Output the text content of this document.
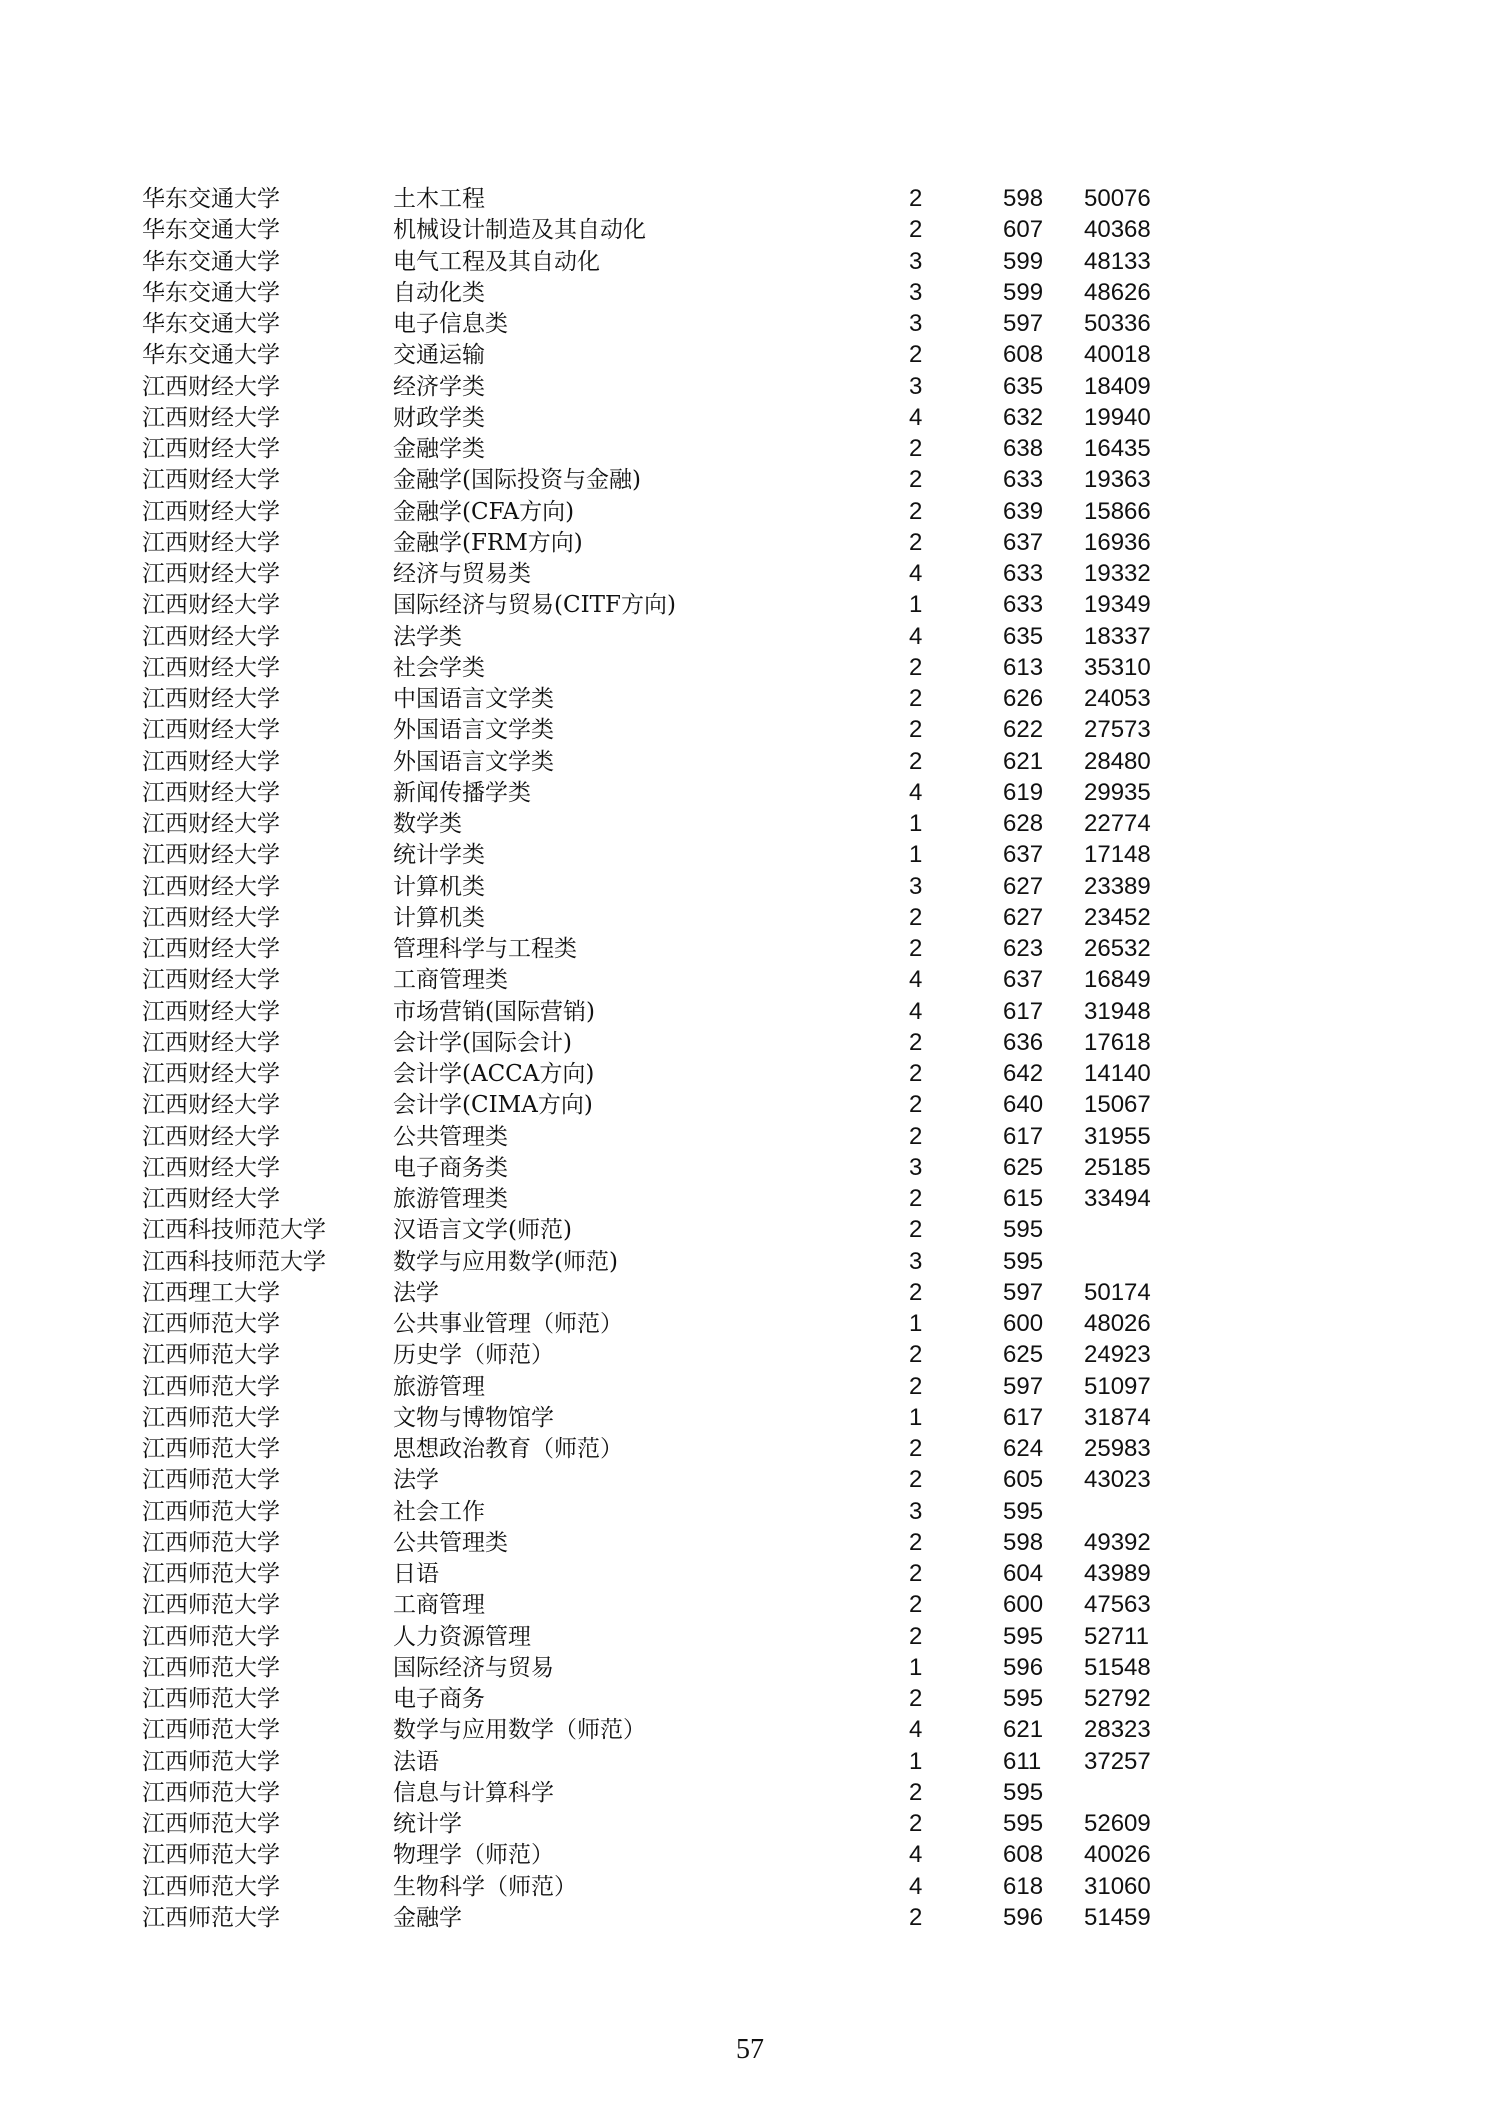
华东交通大学	土木工程	2	598 50076
华东交通大学	机械设计制造及其自动化	2	607 40368
华东交通大学	电气工程及其自动化	3	599 48133
华东交通大学	自动化类	3	599 48626
华东交通大学	电子信息类	3	597 50336
华东交通大学	交通运输	2	608 40018
江西财经大学	经济学类	3	635 18409
江西财经大学	财政学类	4	632 19940
江西财经大学	金融学类	2	638 16435
江西财经大学	金融学(国际投资与金融)	2	633 19363
江西财经大学	金融学(CFA方向)	2	639 15866
江西财经大学	金融学(FRM方向)	2	637 16936
江西财经大学	经济与贸易类	4	633 19332
江西财经大学	国际经济与贸易(CITF方向)	1	633 19349
江西财经大学	法学类	4	635 18337
江西财经大学	社会学类	2	613 35310
江西财经大学	中国语言文学类	2	626 24053
江西财经大学	外国语言文学类	2	622 27573
江西财经大学	外国语言文学类	2	621 28480
江西财经大学	新闻传播学类	4	619 29935
江西财经大学	数学类	1	628 22774
江西财经大学	统计学类	1	637 17148
江西财经大学	计算机类	3	627 23389
江西财经大学	计算机类	2	627 23452
江西财经大学	管理科学与工程类	2	623 26532
江西财经大学	工商管理类	4	637 16849
江西财经大学	市场营销(国际营销)	4	617 31948
江西财经大学	会计学(国际会计)	2	636 17618
江西财经大学	会计学(ACCA方向)	2	642 14140
江西财经大学	会计学(CIMA方向)	2	640 15067
江西财经大学	公共管理类	2	617 31955
江西财经大学	电子商务类	3	625 25185
江西财经大学	旅游管理类	2	615 33494
江西科技师范大学	汉语言文学(师范)	2	595
江西科技师范大学	数学与应用数学(师范)	3	595
江西理工大学	法学	2	597 50174
江西师范大学	公共事业管理（师范）	1	600 48026
江西师范大学	历史学（师范）	2	625 24923
江西师范大学	旅游管理	2	597 51097
江西师范大学	文物与博物馆学	1	617 31874
江西师范大学	思想政治教育（师范）	2	624 25983
江西师范大学	法学	2	605 43023
江西师范大学	社会工作	3	595
江西师范大学	公共管理类	2	598 49392
江西师范大学	日语	2	604 43989
江西师范大学	工商管理	2	600 47563
江西师范大学	人力资源管理	2	595 52711
江西师范大学	国际经济与贸易	1	596 51548
江西师范大学	电子商务	2	595 52792
江西师范大学	数学与应用数学（师范）	4	621 28323
江西师范大学	法语	1	611 37257
江西师范大学	信息与计算科学	2	595
江西师范大学	统计学	2	595 52609
江西师范大学	物理学（师范）	4	608 40026
江西师范大学	生物科学（师范）	4	618 31060
江西师范大学	金融学	2	596 51459
57
